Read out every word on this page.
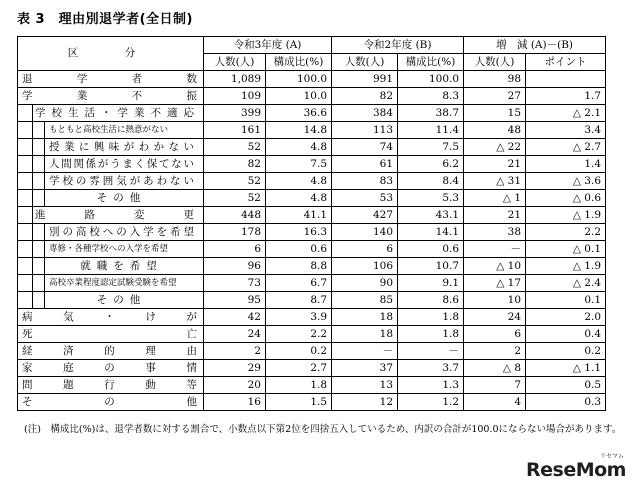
表 3　理由別退学者(全日制)
区　分	令和3年度 (A)		令和2年度 (B)		増　減 (A)－(B)	
	人数(人)	構成比(%)	人数(人)	構成比(%)	人数(人)	ポイント
退学者数	1,089	100.0	991	100.0	98	
学業不振	109	10.0	82	8.3	27	1.7

学校生活・学業不適応	399	36.6	384	38.7	15	△ 2.1

もともと高校生活に熱意がない	161	14.8	113	11.4	48	3.4

授業に興味がわかない	52	4.8	74	7.5	△ 22	△ 2.7

人間関係がうまく保てない	82	7.5	61	6.2	21	1.4

学校の雰囲気があわない	52	4.8	83	8.4	△ 31	△ 3.6

その他	52	4.8	53	5.3	△ 1	△ 0.6

進路変更	448	41.1	427	43.1	21	△ 1.9

別の高校への入学を希望	178	16.3	140	14.1	38	2.2

専修・各種学校への入学を希望	6	0.6	6	0.6	－	△ 0.1

就職を希望	96	8.8	106	10.7	△ 10	△ 1.9

高校卒業程度認定試験受験を希望	73	6.7	90	9.1	△ 17	△ 2.4

その他	95	8.7	85	8.6	10	0.1
病気・けが	42	3.9	18	1.8	24	2.0
死亡	24	2.2	18	1.8	6	0.4
経済的理由	2	0.2	－	－	2	0.2
家庭の事情	29	2.7	37	3.7	△ 8	△ 1.1
問題行動等	20	1.8	13	1.3	7	0.5
その他	16	1.5	12	1.2	4	0.3
(注)　構成比(%)は、退学者数に対する割合で、小数点以下第2位を四捨五入しているため、内訳の合計が100.0にならない場合があります。
ReseMom
リセマム
